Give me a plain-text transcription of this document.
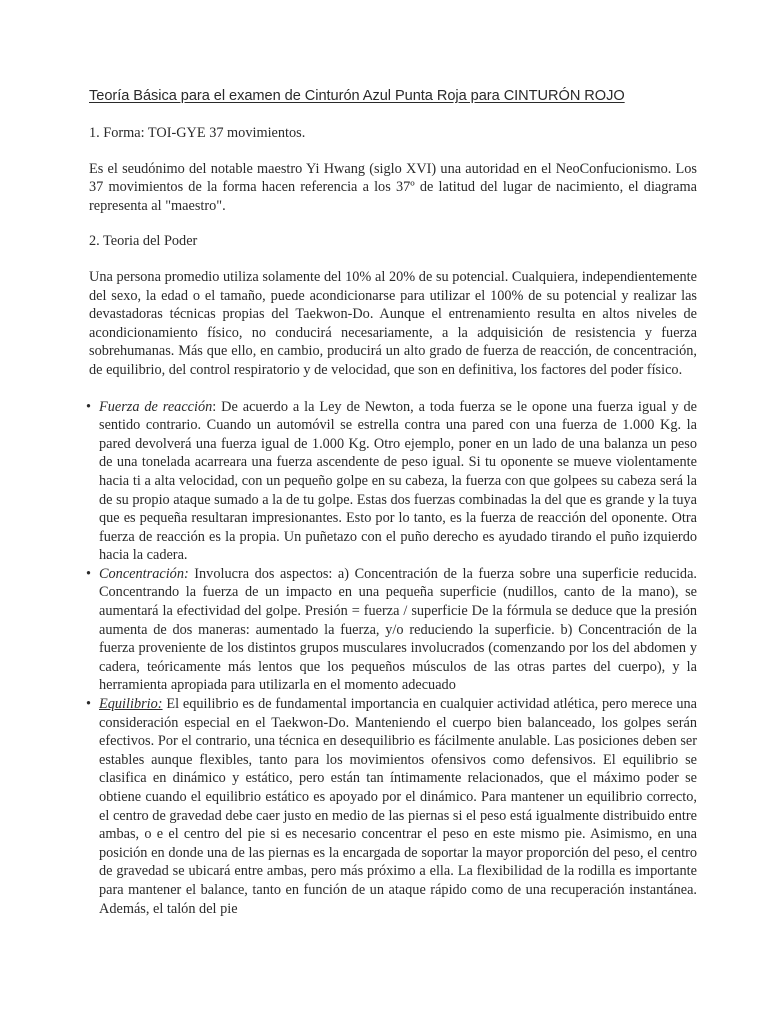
Teoría Básica para el examen de Cinturón Azul Punta Roja para CINTURÓN ROJO
1. Forma: TOI-GYE 37 movimientos.
Es el seudónimo del notable maestro Yi Hwang (siglo XVI) una autoridad en el NeoConfucionismo. Los 37 movimientos de la forma hacen referencia a los 37º de latitud del lugar de nacimiento, el diagrama representa al "maestro".
2. Teoria del Poder
Una persona promedio utiliza solamente del 10% al 20% de su potencial. Cualquiera, independientemente del sexo, la edad o el tamaño, puede acondicionarse para utilizar el 100% de su potencial y realizar las devastadoras técnicas propias del Taekwon-Do. Aunque el entrenamiento resulta en altos niveles de acondicionamiento físico, no conducirá necesariamente, a la adquisición de resistencia y fuerza sobrehumanas. Más que ello, en cambio, producirá un alto grado de fuerza de reacción, de concentración, de equilibrio, del control respiratorio y de velocidad, que son en definitiva, los factores del poder físico.
• Fuerza de reacción: De acuerdo a la Ley de Newton, a toda fuerza se le opone una fuerza igual y de sentido contrario. Cuando un automóvil se estrella contra una pared con una fuerza de 1.000 Kg. la pared devolverá una fuerza igual de 1.000 Kg. Otro ejemplo, poner en un lado de una balanza un peso de una tonelada acarreara una fuerza ascendente de peso igual. Si tu oponente se mueve violentamente hacia ti a alta velocidad, con un pequeño golpe en su cabeza, la fuerza con que golpees su cabeza será la de su propio ataque sumado a la de tu golpe. Estas dos fuerzas combinadas la del que es grande y la tuya que es pequeña resultaran impresionantes. Esto por lo tanto, es la fuerza de reacción del oponente. Otra fuerza de reacción es la propia. Un puñetazo con el puño derecho es ayudado tirando el puño izquierdo hacia la cadera.
• Concentración: Involucra dos aspectos: a) Concentración de la fuerza sobre una superficie reducida. Concentrando la fuerza de un impacto en una pequeña superficie (nudillos, canto de la mano), se aumentará la efectividad del golpe. Presión = fuerza / superficie De la fórmula se deduce que la presión aumenta de dos maneras: aumentado la fuerza, y/o reduciendo la superficie. b) Concentración de la fuerza proveniente de los distintos grupos musculares involucrados (comenzando por los del abdomen y cadera, teóricamente más lentos que los pequeños músculos de las otras partes del cuerpo), y la herramienta apropiada para utilizarla en el momento adecuado
• Equilibrio: El equilibrio es de fundamental importancia en cualquier actividad atlética, pero merece una consideración especial en el Taekwon-Do. Manteniendo el cuerpo bien balanceado, los golpes serán efectivos. Por el contrario, una técnica en desequilibrio es fácilmente anulable. Las posiciones deben ser estables aunque flexibles, tanto para los movimientos ofensivos como defensivos. El equilibrio se clasifica en dinámico y estático, pero están tan íntimamente relacionados, que el máximo poder se obtiene cuando el equilibrio estático es apoyado por el dinámico. Para mantener un equilibrio correcto, el centro de gravedad debe caer justo en medio de las piernas si el peso está igualmente distribuido entre ambas, o e el centro del pie si es necesario concentrar el peso en este mismo pie. Asimismo, en una posición en donde una de las piernas es la encargada de soportar la mayor proporción del peso, el centro de gravedad se ubicará entre ambas, pero más próximo a ella. La flexibilidad de la rodilla es importante para mantener el balance, tanto en función de un ataque rápido como de una recuperación instantánea. Además, el talón del pie
